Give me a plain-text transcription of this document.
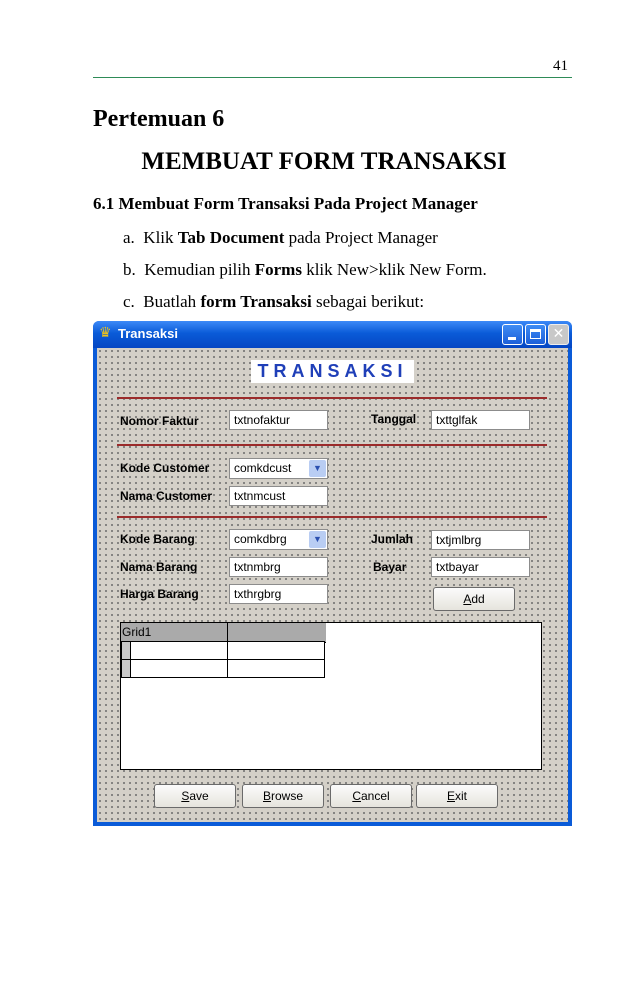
41
Pertemuan 6
MEMBUAT FORM TRANSAKSI
6.1 Membuat Form Transaksi Pada Project Manager
a. Klik Tab Document pada Project Manager
b. Kemudian pilih Forms klik New>klik New Form.
c. Buatlah form Transaksi sebagai berikut:
♛ Transaksi	✕
TRANSAKSI
Nomor Faktur	txtnofaktur	Tanggal	txttglfak
Kode Customer	comkdcust	▼
Nama Customer	txtnmcust
Kode Barang	comkdbrg	▼	Jumlah	txtjmlbrg
Nama Barang	txtnmbrg	Bayar	txtbayar
Harga Barang	txthrgbrg	Add
Grid1
Save	Browse	Cancel	Exit
